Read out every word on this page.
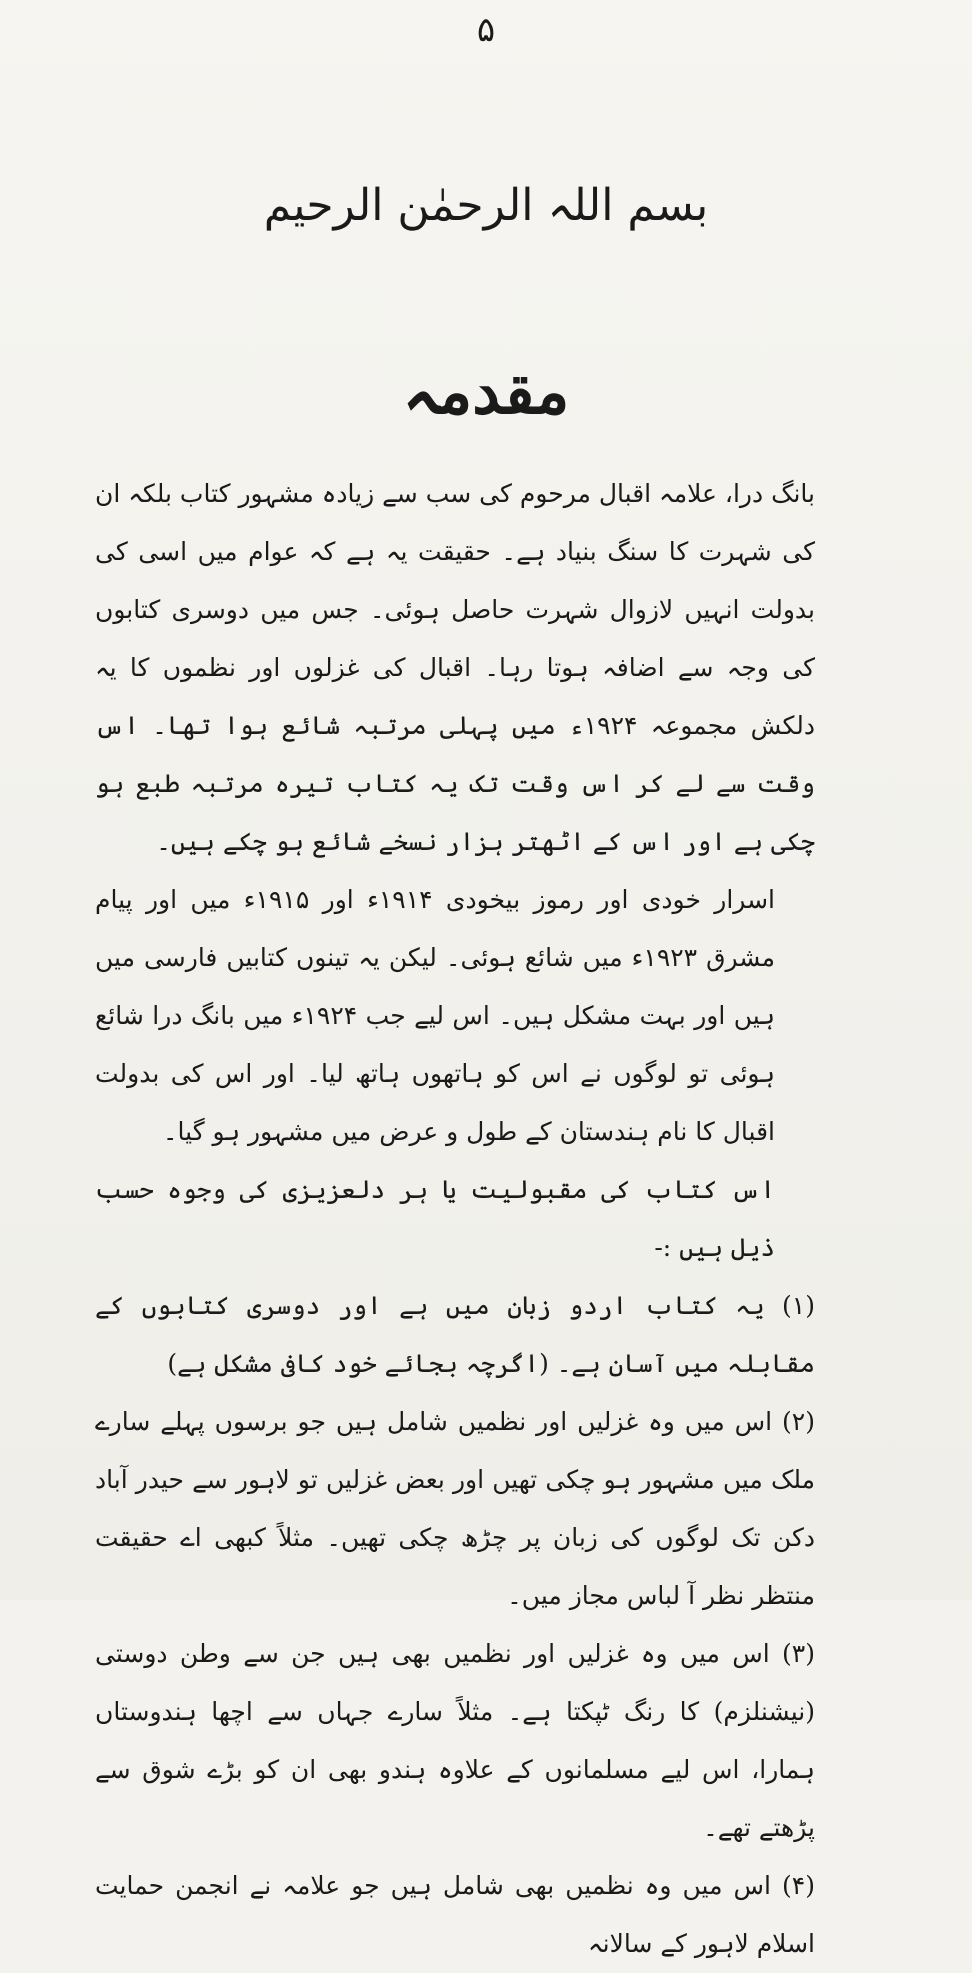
۵
بسم اللہ الرحمٰن الرحیم
مقدمہ

بانگ درا، علامہ اقبال مرحوم کی سب سے زیادہ مشہور کتاب بلکہ ان کی شہرت کا سنگ بنیاد ہے۔ حقیقت یہ ہے کہ عوام میں اسی کی بدولت انہیں لازوال شہرت حاصل ہوئی۔ جس میں دوسری کتابوں کی وجہ سے اضافہ ہوتا رہا۔ اقبال کی غزلوں اور نظموں کا یہ دلکش مجموعہ ۱۹۲۴ء میں پہلی مرتبہ شائع ہوا تھا۔ اس وقت سے لے کر اس وقت تک یہ کتاب تیرہ مرتبہ طبع ہو چکی ہے اور اس کے اٹھتر ہزار نسخے شائع ہو چکے ہیں۔

اسرار خودی اور رموز بیخودی ۱۹۱۴ء اور ۱۹۱۵ء میں اور پیام مشرق ۱۹۲۳ء میں شائع ہوئی۔ لیکن یہ تینوں کتابیں فارسی میں ہیں اور بہت مشکل ہیں۔ اس لیے جب ۱۹۲۴ء میں بانگ درا شائع ہوئی تو لوگوں نے اس کو ہاتھوں ہاتھ لیا۔ اور اس کی بدولت اقبال کا نام ہندستان کے طول و عرض میں مشہور ہو گیا۔

اس کتاب کی مقبولیت یا ہر دلعزیزی کی وجوہ حسب ذیل ہیں :-

(۱) یہ کتاب اردو زبان میں ہے اور دوسری کتابوں کے مقابلہ میں آسان ہے۔ (اگرچہ بجائے خود کافی مشکل ہے)

(۲) اس میں وہ غزلیں اور نظمیں شامل ہیں جو برسوں پہلے سارے ملک میں مشہور ہو چکی تھیں اور بعض غزلیں تو لاہور سے حیدر آباد دکن تک لوگوں کی زبان پر چڑھ چکی تھیں۔ مثلاً کبھی اے حقیقت منتظر نظر آ لباس مجاز میں۔

(۳) اس میں وہ غزلیں اور نظمیں بھی ہیں جن سے وطن دوستی (نیشنلزم) کا رنگ ٹپکتا ہے۔ مثلاً سارے جہاں سے اچھا ہندوستاں ہمارا، اس لیے مسلمانوں کے علاوہ ہندو بھی ان کو بڑے شوق سے پڑھتے تھے۔

(۴) اس میں وہ نظمیں بھی شامل ہیں جو علامہ نے انجمن حمایت اسلام لاہور کے سالانہ
